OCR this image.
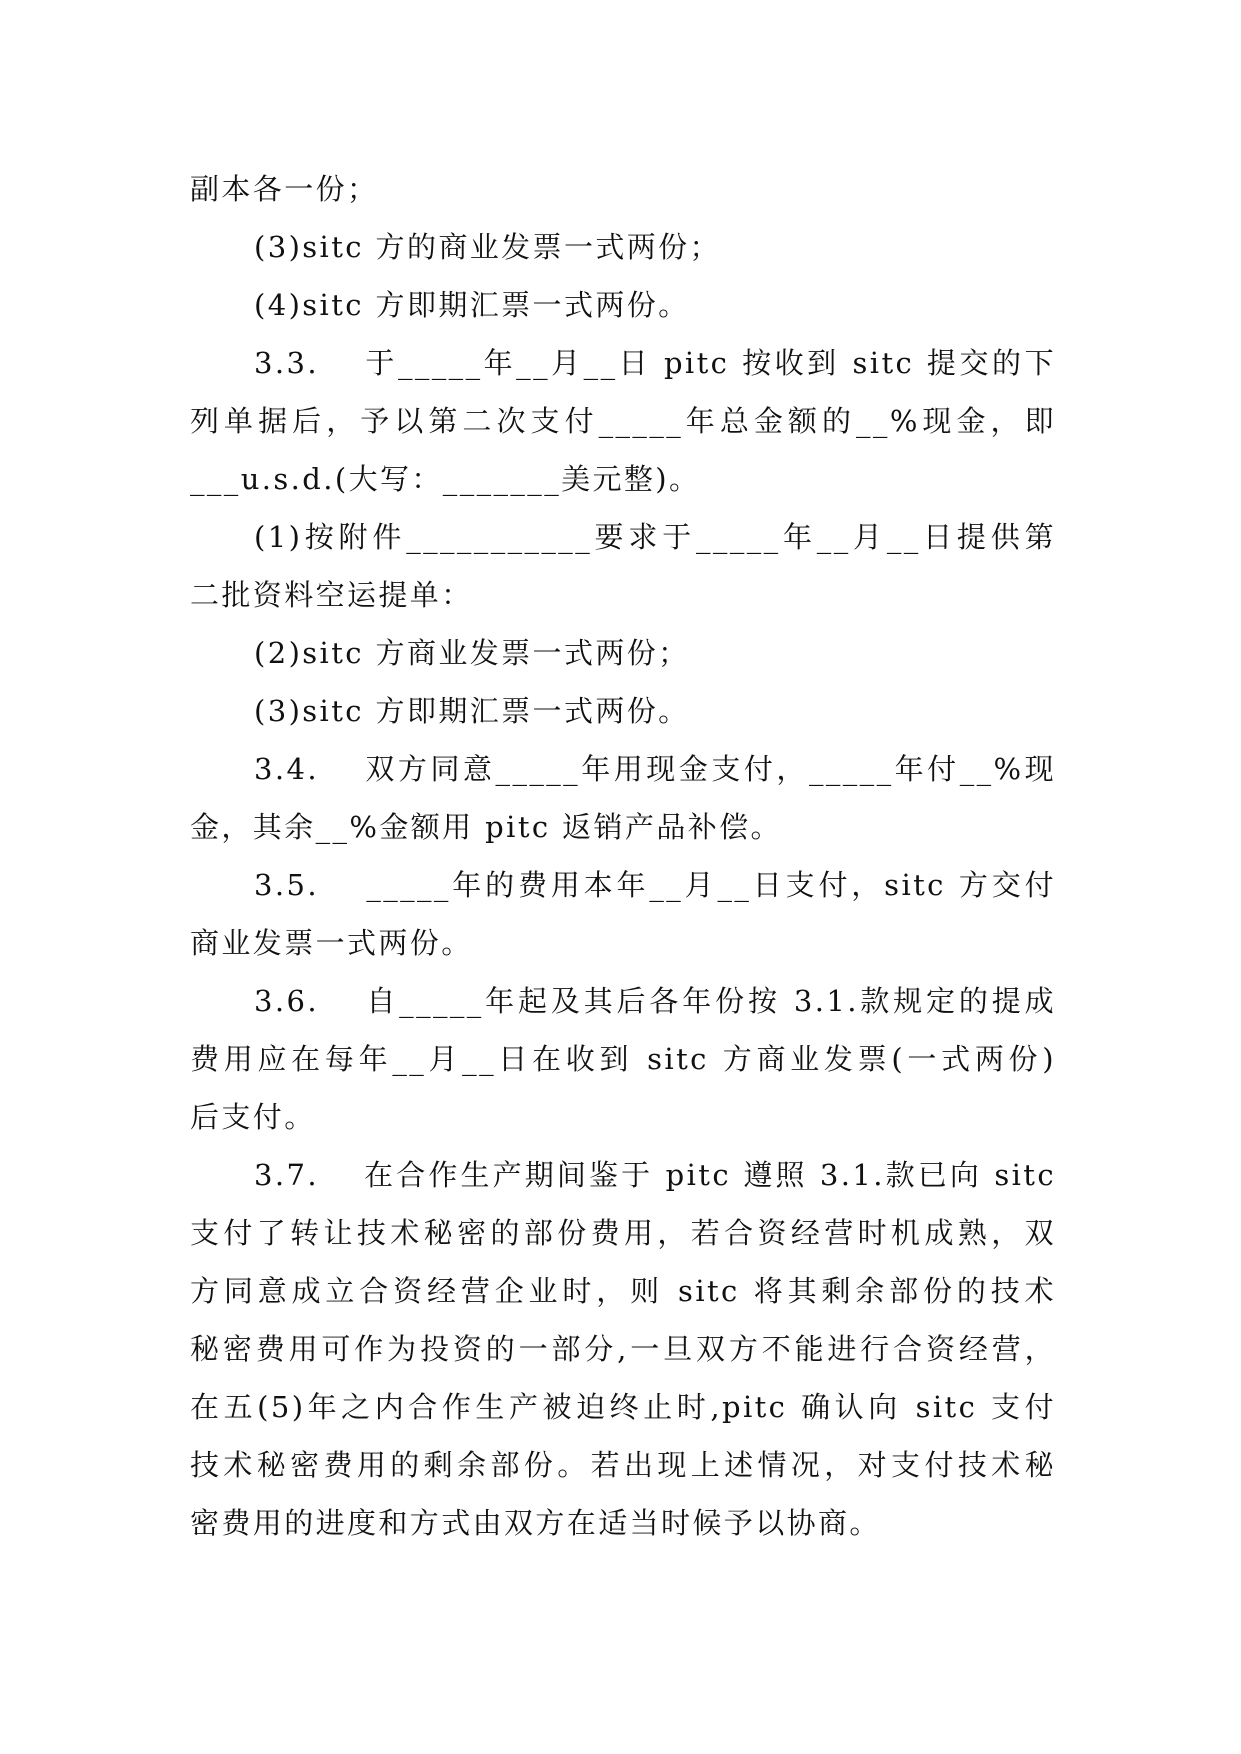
副本各一份；
(3)sitc 方的商业发票一式两份；
(4)sitc 方即期汇票一式两份。
3.3.　 于_____年__月__日 pitc 按收到 sitc 提交的下
列单据后，予以第二次支付_____年总金额的__%现金，即
___u.s.d.(大写：_______美元整)。
(1)按附件___________要求于_____年__月__日提供第
二批资料空运提单：
(2)sitc 方商业发票一式两份；
(3)sitc 方即期汇票一式两份。
3.4.　 双方同意_____年用现金支付，_____年付__%现
金，其余__%金额用 pitc 返销产品补偿。
3.5.　 _____年的费用本年__月__日支付，sitc 方交付
商业发票一式两份。
3.6.　 自_____年起及其后各年份按 3.1.款规定的提成
费用应在每年__月__日在收到 sitc 方商业发票(一式两份)
后支付。
3.7.　 在合作生产期间鉴于 pitc 遵照 3.1.款已向 sitc
支付了转让技术秘密的部份费用，若合资经营时机成熟，双
方同意成立合资经营企业时，则 sitc 将其剩余部份的技术
秘密费用可作为投资的一部分,一旦双方不能进行合资经营，
在五(5)年之内合作生产被迫终止时,pitc 确认向 sitc 支付
技术秘密费用的剩余部份。若出现上述情况，对支付技术秘
密费用的进度和方式由双方在适当时候予以协商。
